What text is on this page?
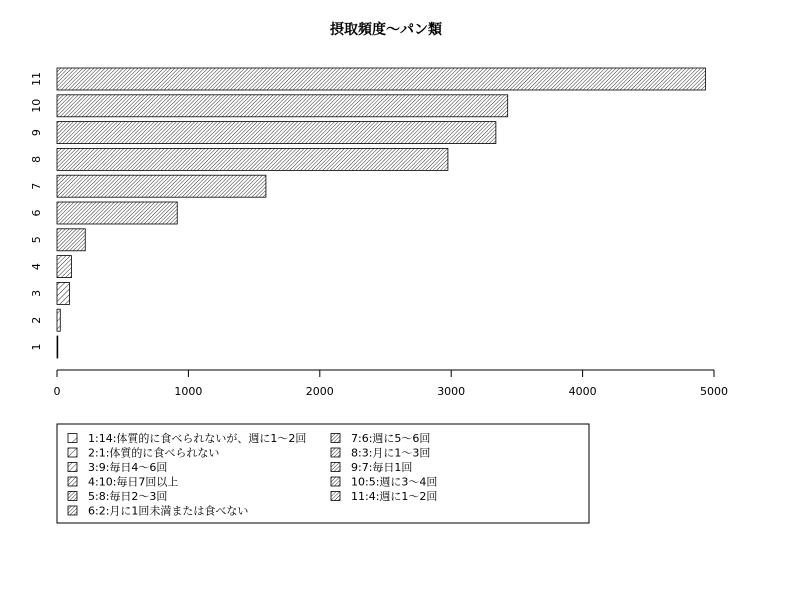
摂取頻度〜パン類
1
2
3
4
5
6
7
8
9
10
11
0	1000	2000	3000	4000	5000
1:14:体質的に食べられないが、週に1〜2回
2:1:体質的に食べられない
3:9:毎日4〜6回
4:10:毎日7回以上
5:8:毎日2〜3回
6:2:月に1回未満または食べない
7:6:週に5〜6回
8:3:月に1〜3回
9:7:毎日1回
10:5:週に3〜4回
11:4:週に1〜2回
